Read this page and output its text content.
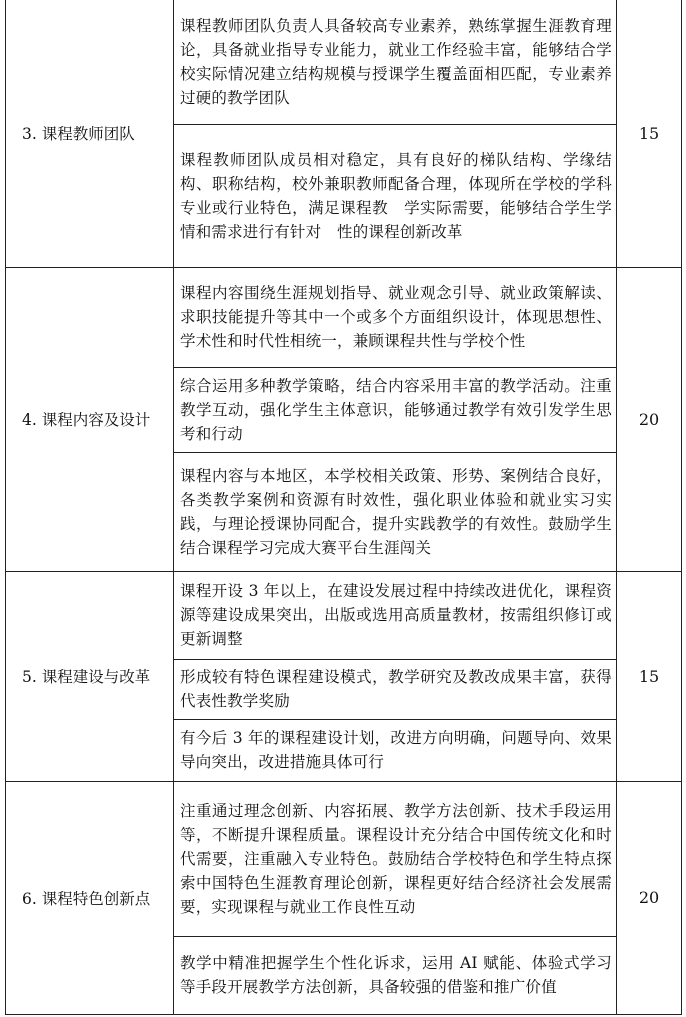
3. 课程教师团队	课程教师团队负责人具备较高专业素养，熟练掌握生涯教育理论，具备就业指导专业能力，就业工作经验丰富，能够结合学校实际情况建立结构规模与授课学生覆盖面相匹配，专业素养过硬的教学团队	15
	课程教师团队成员相对稳定，具有良好的梯队结构、学缘结构、职称结构，校外兼职教师配备合理，体现所在学校的学科专业或行业特色，满足课程教　学实际需要，能够结合学生学情和需求进行有针对　性的课程创新改革	
4. 课程内容及设计	课程内容围绕生涯规划指导、就业观念引导、就业政策解读、求职技能提升等其中一个或多个方面组织设计，体现思想性、学术性和时代性相统一，兼顾课程共性与学校个性	20
	综合运用多种教学策略，结合内容采用丰富的教学活动。注重教学互动，强化学生主体意识，能够通过教学有效引发学生思考和行动	
	课程内容与本地区，本学校相关政策、形势、案例结合良好，各类教学案例和资源有时效性，强化职业体验和就业实习实践，与理论授课协同配合，提升实践教学的有效性。鼓励学生结合课程学习完成大赛平台生涯闯关	
5. 课程建设与改革	课程开设 3 年以上，在建设发展过程中持续改进优化，课程资源等建设成果突出，出版或选用高质量教材，按需组织修订或更新调整	15
	形成较有特色课程建设模式，教学研究及教改成果丰富，获得代表性教学奖励	
	有今后 3 年的课程建设计划，改进方向明确，问题导向、效果导向突出，改进措施具体可行	
6. 课程特色创新点	注重通过理念创新、内容拓展、教学方法创新、技术手段运用等，不断提升课程质量。课程设计充分结合中国传统文化和时代需要，注重融入专业特色。鼓励结合学校特色和学生特点探索中国特色生涯教育理论创新，课程更好结合经济社会发展需要，实现课程与就业工作良性互动	20
	教学中精准把握学生个性化诉求，运用 AI 赋能、体验式学习等手段开展教学方法创新，具备较强的借鉴和推广价值	
